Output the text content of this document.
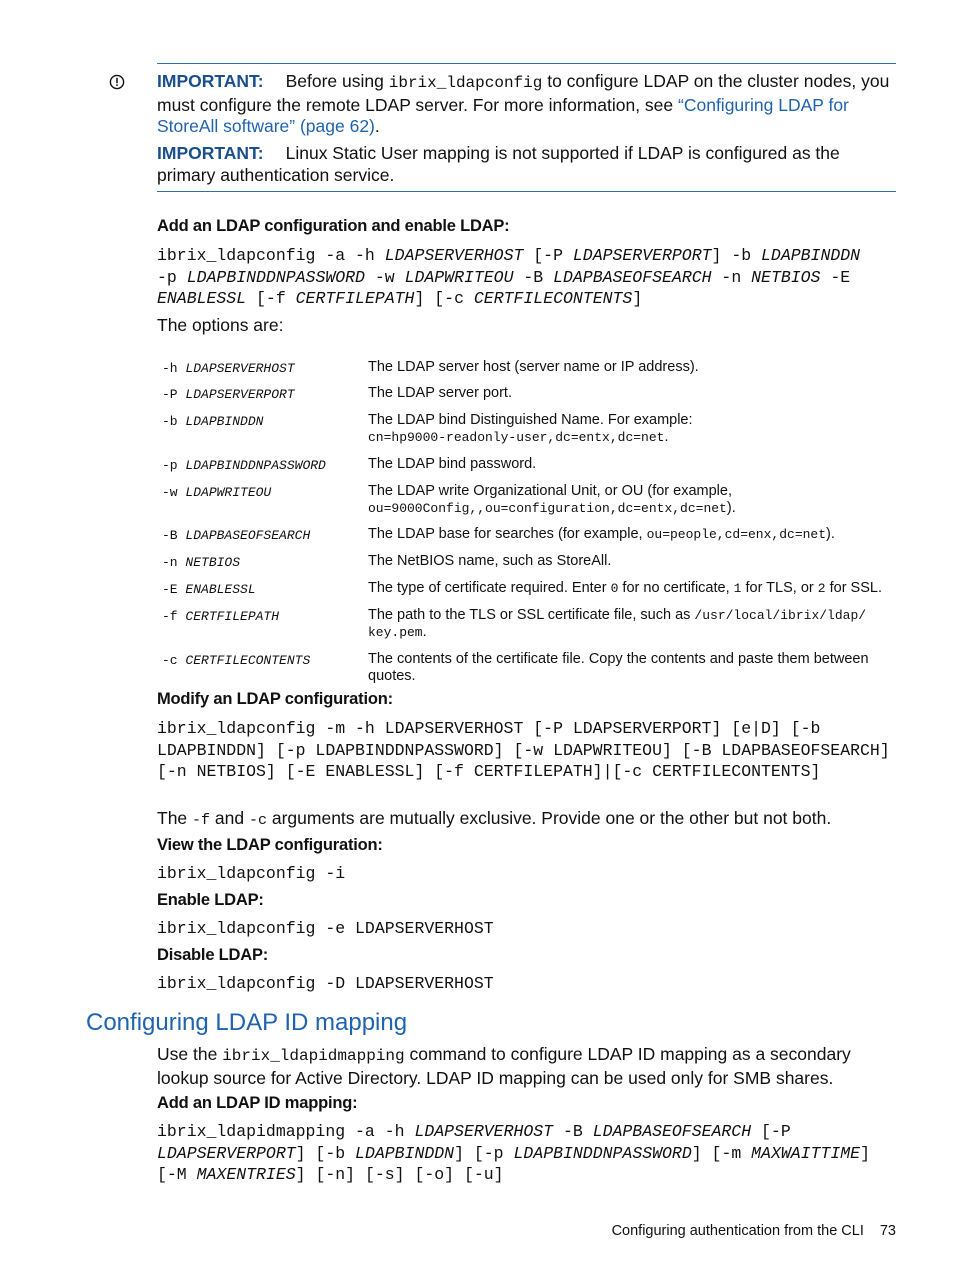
IMPORTANT: Before using ibrix_ldapconfig to configure LDAP on the cluster nodes, you must configure the remote LDAP server. For more information, see “Configuring LDAP for StoreAll software” (page 62).
IMPORTANT: Linux Static User mapping is not supported if LDAP is configured as the primary authentication service.
Add an LDAP configuration and enable LDAP:
ibrix_ldapconfig -a -h LDAPSERVERHOST [-P LDAPSERVERPORT] -b LDAPBINDDN
-p LDAPBINDDNPASSWORD -w LDAPWRITEOU -B LDAPBASEOFSEARCH -n NETBIOS -E
ENABLESSL [-f CERTFILEPATH] [-c CERTFILECONTENTS]
The options are:
-h LDAPSERVERHOST	The LDAP server host (server name or IP address).
-P LDAPSERVERPORT	The LDAP server port.
-b LDAPBINDDN	The LDAP bind Distinguished Name. For example:
cn=hp9000-readonly-user,dc=entx,dc=net.
-p LDAPBINDDNPASSWORD	The LDAP bind password.
-w LDAPWRITEOU	The LDAP write Organizational Unit, or OU (for example,
ou=9000Config,,ou=configuration,dc=entx,dc=net).
-B LDAPBASEOFSEARCH	The LDAP base for searches (for example, ou=people,cd=enx,dc=net).
-n NETBIOS	The NetBIOS name, such as StoreAll.
-E ENABLESSL	The type of certificate required. Enter 0 for no certificate, 1 for TLS, or 2 for SSL.
-f CERTFILEPATH	The path to the TLS or SSL certificate file, such as /usr/local/ibrix/ldap/
key.pem.
-c CERTFILECONTENTS	The contents of the certificate file. Copy the contents and paste them between quotes.
Modify an LDAP configuration:
ibrix_ldapconfig -m -h LDAPSERVERHOST [-P LDAPSERVERPORT] [e|D] [-b LDAPBINDDN] [-p LDAPBINDDNPASSWORD] [-w LDAPWRITEOU] [-B LDAPBASEOFSEARCH] [-n NETBIOS] [-E ENABLESSL] [-f CERTFILEPATH]|[-c CERTFILECONTENTS]
The -f and -c arguments are mutually exclusive. Provide one or the other but not both.
View the LDAP configuration:
ibrix_ldapconfig -i
Enable LDAP:
ibrix_ldapconfig -e LDAPSERVERHOST
Disable LDAP:
ibrix_ldapconfig -D LDAPSERVERHOST
Configuring LDAP ID mapping
Use the ibrix_ldapidmapping command to configure LDAP ID mapping as a secondary lookup source for Active Directory. LDAP ID mapping can be used only for SMB shares.
Add an LDAP ID mapping:
ibrix_ldapidmapping -a -h LDAPSERVERHOST -B LDAPBASEOFSEARCH [-P
LDAPSERVERPORT] [-b LDAPBINDDN] [-p LDAPBINDDNPASSWORD] [-m MAXWAITTIME]
[-M MAXENTRIES] [-n] [-s] [-o] [-u]
Configuring authentication from the CLI 73
